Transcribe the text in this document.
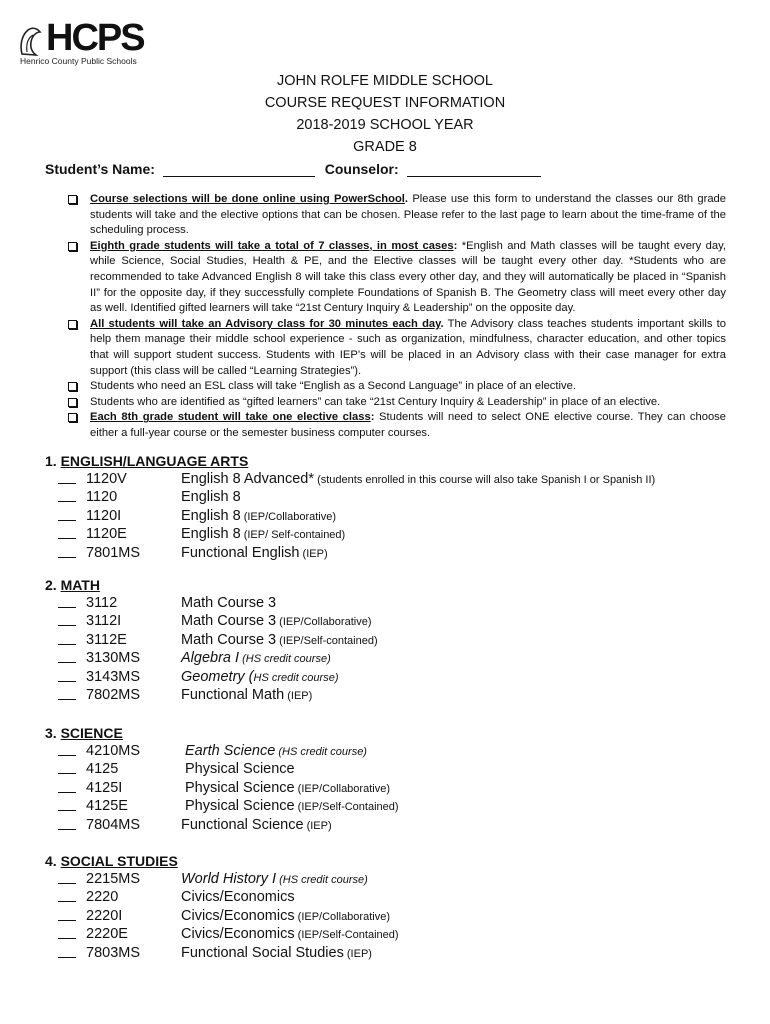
HCPS
Henrico County Public Schools
JOHN ROLFE MIDDLE SCHOOL
COURSE REQUEST INFORMATION
2018-2019 SCHOOL YEAR
GRADE 8
Student’s Name:	Counselor:
Course selections will be done online using PowerSchool. Please use this form to understand the classes our 8th grade students will take and the elective options that can be chosen. Please refer to the last page to learn about the time-frame of the scheduling process.
Eighth grade students will take a total of 7 classes, in most cases: *English and Math classes will be taught every day, while Science, Social Studies, Health & PE, and the Elective classes will be taught every other day. *Students who are recommended to take Advanced English 8 will take this class every other day, and they will automatically be placed in “Spanish II” for the opposite day, if they successfully complete Foundations of Spanish B. The Geometry class will meet every other day as well. Identified gifted learners will take “21st Century Inquiry & Leadership” on the opposite day.
All students will take an Advisory class for 30 minutes each day. The Advisory class teaches students important skills to help them manage their middle school experience - such as organization, mindfulness, character education, and other topics that will support student success. Students with IEP’s will be placed in an Advisory class with their case manager for extra support (this class will be called “Learning Strategies”).
Students who need an ESL class will take “English as a Second Language” in place of an elective.
Students who are identified as “gifted learners” can take “21st Century Inquiry & Leadership” in place of an elective.
Each 8th grade student will take one elective class: Students will need to select ONE elective course. They can choose either a full-year course or the semester business computer courses.
1. ENGLISH/LANGUAGE ARTS
1120V	English 8 Advanced* (students enrolled in this course will also take Spanish I or Spanish II)
1120	English 8
1120I	English 8 (IEP/Collaborative)
1120E	English 8 (IEP/ Self-contained)
7801MS	Functional English (IEP)
2. MATH
3112	Math Course 3
3112I	Math Course 3 (IEP/Collaborative)
3112E	Math Course 3 (IEP/Self-contained)
3130MS	Algebra I (HS credit course)
3143MS	Geometry (HS credit course)
7802MS	Functional Math (IEP)
3. SCIENCE
4210MS	Earth Science (HS credit course)
4125	Physical Science
4125I	Physical Science (IEP/Collaborative)
4125E	Physical Science (IEP/Self-Contained)
7804MS	Functional Science (IEP)
4. SOCIAL STUDIES
2215MS	World History I (HS credit course)
2220	Civics/Economics
2220I	Civics/Economics (IEP/Collaborative)
2220E	Civics/Economics (IEP/Self-Contained)
7803MS	Functional Social Studies (IEP)
